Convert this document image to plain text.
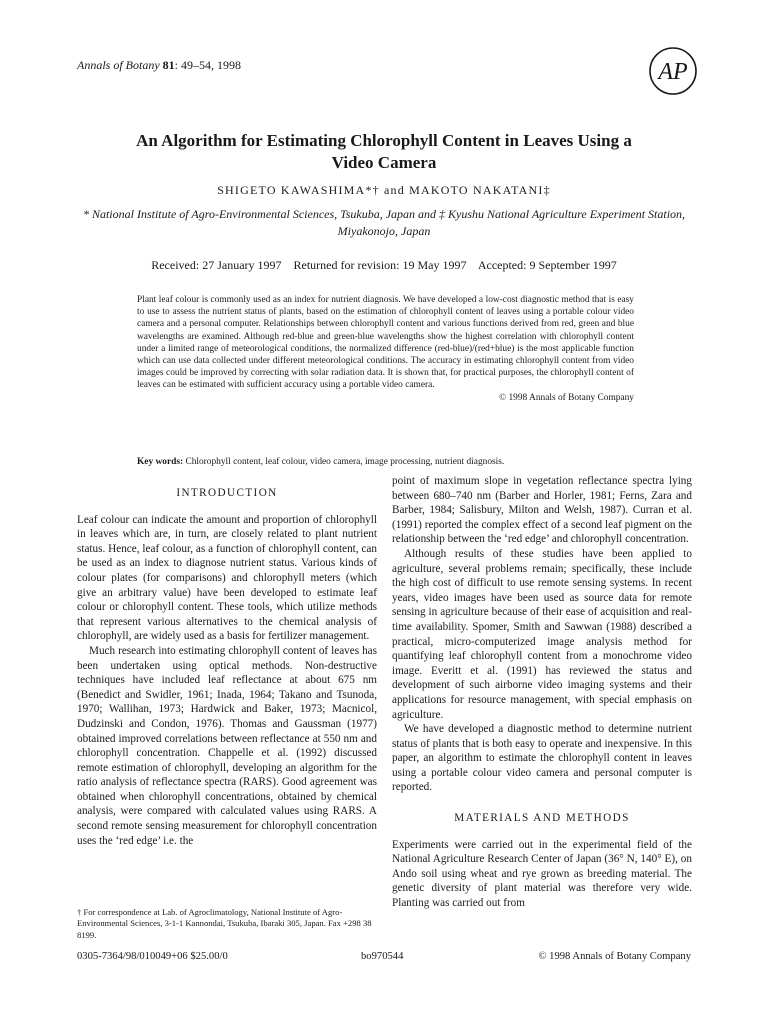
Annals of Botany 81: 49–54, 1998	AP
An Algorithm for Estimating Chlorophyll Content in Leaves Using a Video Camera
SHIGETO KAWASHIMA*† and MAKOTO NAKATANI‡
* National Institute of Agro-Environmental Sciences, Tsukuba, Japan and ‡ Kyushu National Agriculture Experiment Station, Miyakonojo, Japan
Received: 27 January 1997    Returned for revision: 19 May 1997    Accepted: 9 September 1997
Plant leaf colour is commonly used as an index for nutrient diagnosis. We have developed a low-cost diagnostic method that is easy to use to assess the nutrient status of plants, based on the estimation of chlorophyll content of leaves using a portable colour video camera and a personal computer. Relationships between chlorophyll content and various functions derived from red, green and blue wavelengths are examined. Although red-blue and green-blue wavelengths show the highest correlation with chlorophyll content under a limited range of meteorological conditions, the normalized difference (red-blue)/(red+blue) is the most applicable function which can use data collected under different meteorological conditions. The accuracy in estimating chlorophyll content from video images could be improved by correcting with solar radiation data. It is shown that, for practical purposes, the chlorophyll content of leaves can be estimated with sufficient accuracy using a portable video camera.
© 1998 Annals of Botany Company
Key words: Chlorophyll content, leaf colour, video camera, image processing, nutrient diagnosis.
INTRODUCTION

Leaf colour can indicate the amount and proportion of chlorophyll in leaves which are, in turn, are closely related to plant nutrient status. Hence, leaf colour, as a function of chlorophyll content, can be used as an index to diagnose nutrient status. Various kinds of colour plates (for comparisons) and chlorophyll meters (which give an arbitrary value) have been developed to estimate leaf colour or chlorophyll content. These tools, which utilize methods that represent various alternatives to the chemical analysis of chlorophyll, are widely used as a basis for fertilizer management.

Much research into estimating chlorophyll content of leaves has been undertaken using optical methods. Non-destructive techniques have included leaf reflectance at about 675 nm (Benedict and Swidler, 1961; Inada, 1964; Takano and Tsunoda, 1970; Wallihan, 1973; Hardwick and Baker, 1973; Macnicol, Dudzinski and Condon, 1976). Thomas and Gaussman (1977) obtained improved correlations between reflectance at 550 nm and chlorophyll concentration. Chappelle et al. (1992) discussed remote estimation of chlorophyll, developing an algorithm for the ratio analysis of reflectance spectra (RARS). Good agreement was obtained when chlorophyll concentrations, obtained by chemical analysis, were compared with calculated values using RARS. A second remote sensing measurement for chlorophyll concentration uses the ‘red edge’ i.e. the

point of maximum slope in vegetation reflectance spectra lying between 680–740 nm (Barber and Horler, 1981; Ferns, Zara and Barber, 1984; Salisbury, Milton and Welsh, 1987). Curran et al. (1991) reported the complex effect of a second leaf pigment on the relationship between the ‘red edge’ and chlorophyll concentration.

Although results of these studies have been applied to agriculture, several problems remain; specifically, these include the high cost of difficult to use remote sensing systems. In recent years, video images have been used as source data for remote sensing in agriculture because of their ease of acquisition and real-time availability. Spomer, Smith and Sawwan (1988) described a practical, micro-computerized image analysis method for quantifying leaf chlorophyll content from a monochrome video image. Everitt et al. (1991) has reviewed the status and development of such airborne video imaging systems and their applications for resource management, with special emphasis on agriculture.

We have developed a diagnostic method to determine nutrient status of plants that is both easy to operate and inexpensive. In this paper, an algorithm to estimate the chlorophyll content in leaves using a portable colour video camera and personal computer is reported.

MATERIALS AND METHODS

Experiments were carried out in the experimental field of the National Agriculture Research Center of Japan (36° N, 140° E), on Ando soil using wheat and rye grown as breeding material. The genetic diversity of plant material was therefore very wide. Planting was carried out from

† For correspondence at Lab. of Agroclimatology, National Institute of Agro-Environmental Sciences, 3-1-1 Kannondai, Tsukuba, Ibaraki 305, Japan. Fax +298 38 8199.
0305-7364/98/010049+06 $25.00/0	bo970544	© 1998 Annals of Botany Company
